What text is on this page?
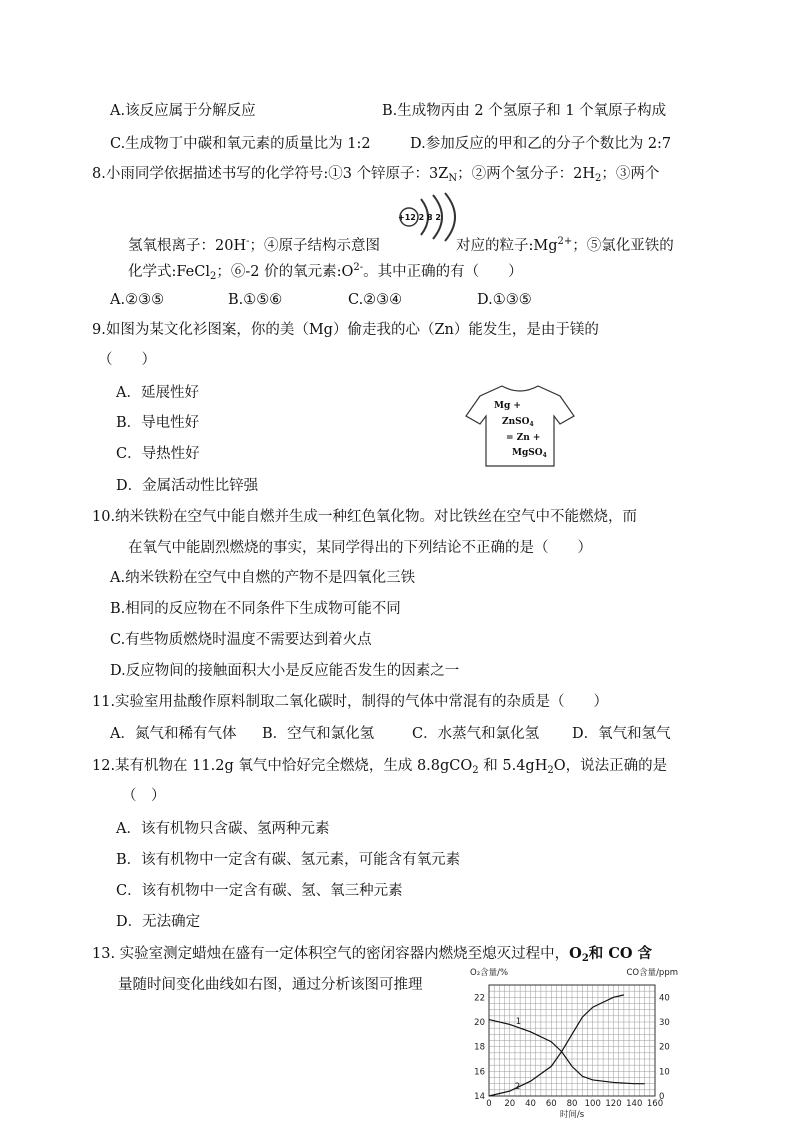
A.该反应属于分解反应	B.生成物丙由 2 个氢原子和 1 个氧原子构成
C.生成物丁中碳和氧元素的质量比为 1:2	D.参加反应的甲和乙的分子个数比为 2:7
8.小雨同学依据描述书写的化学符号:①3 个锌原子：$3Z_N$；②两个氢分子：$2H_2$；③两个
+12 2 8 2
氢氧根离子：20H-；④原子结构示意图	对应的粒子$:Mg^{2+}$；⑤氯化亚铁的
化学式:FeCl$_2$；⑥-2 价的氧元素$:O^{2-}$。其中正确的有（　　）
A.②③⑤	B.①⑤⑥	C.②③④	D.①③⑤
9.如图为某文化衫图案，你的美（Mg）偷走我的心（Zn）能发生，是由于镁的
（　　）
A．延展性好
B．导电性好
C．导热性好
D．金属活动性比锌强
Mg +
ZnSO$_4$
= Zn +
MgSO$_4$
10.纳米铁粉在空气中能自燃并生成一种红色氧化物。对比铁丝在空气中不能燃烧，而
在氧气中能剧烈燃烧的事实，某同学得出的下列结论不正确的是（　　）
A.纳米铁粉在空气中自燃的产物不是四氧化三铁
B.相同的反应物在不同条件下生成物可能不同
C.有些物质燃烧时温度不需要达到着火点
D.反应物间的接触面积大小是反应能否发生的因素之一
11.实验室用盐酸作原料制取二氧化碳时，制得的气体中常混有的杂质是（　　）
A．氮气和稀有气体 B．空气和氯化氢	C．水蒸气和氯化氢 D．氧气和氢气
12.某有机物在 11.2g 氧气中恰好完全燃烧，生成 8.8gCO$_2$ 和 $5.4gH_2O$，说法正确的是
（　）
A．该有机物只含碳、氢两种元素
B．该有机物中一定含有碳、氢元素，可能含有氧元素
C．该有机物中一定含有碳、氢、氧三种元素
D．无法确定
13. 实验室测定蜡烛在盛有一定体积空气的密闭容器内燃烧至熄灭过程中，$O_2$和 CO 含
量随时间变化曲线如右图，通过分析该图可推理
0 20 40 60 80 100 120 140 160
14
16
18
20
22
0
10
20
30
40
O₂含量/%	CO含量/ppm
时间/s
1
2
